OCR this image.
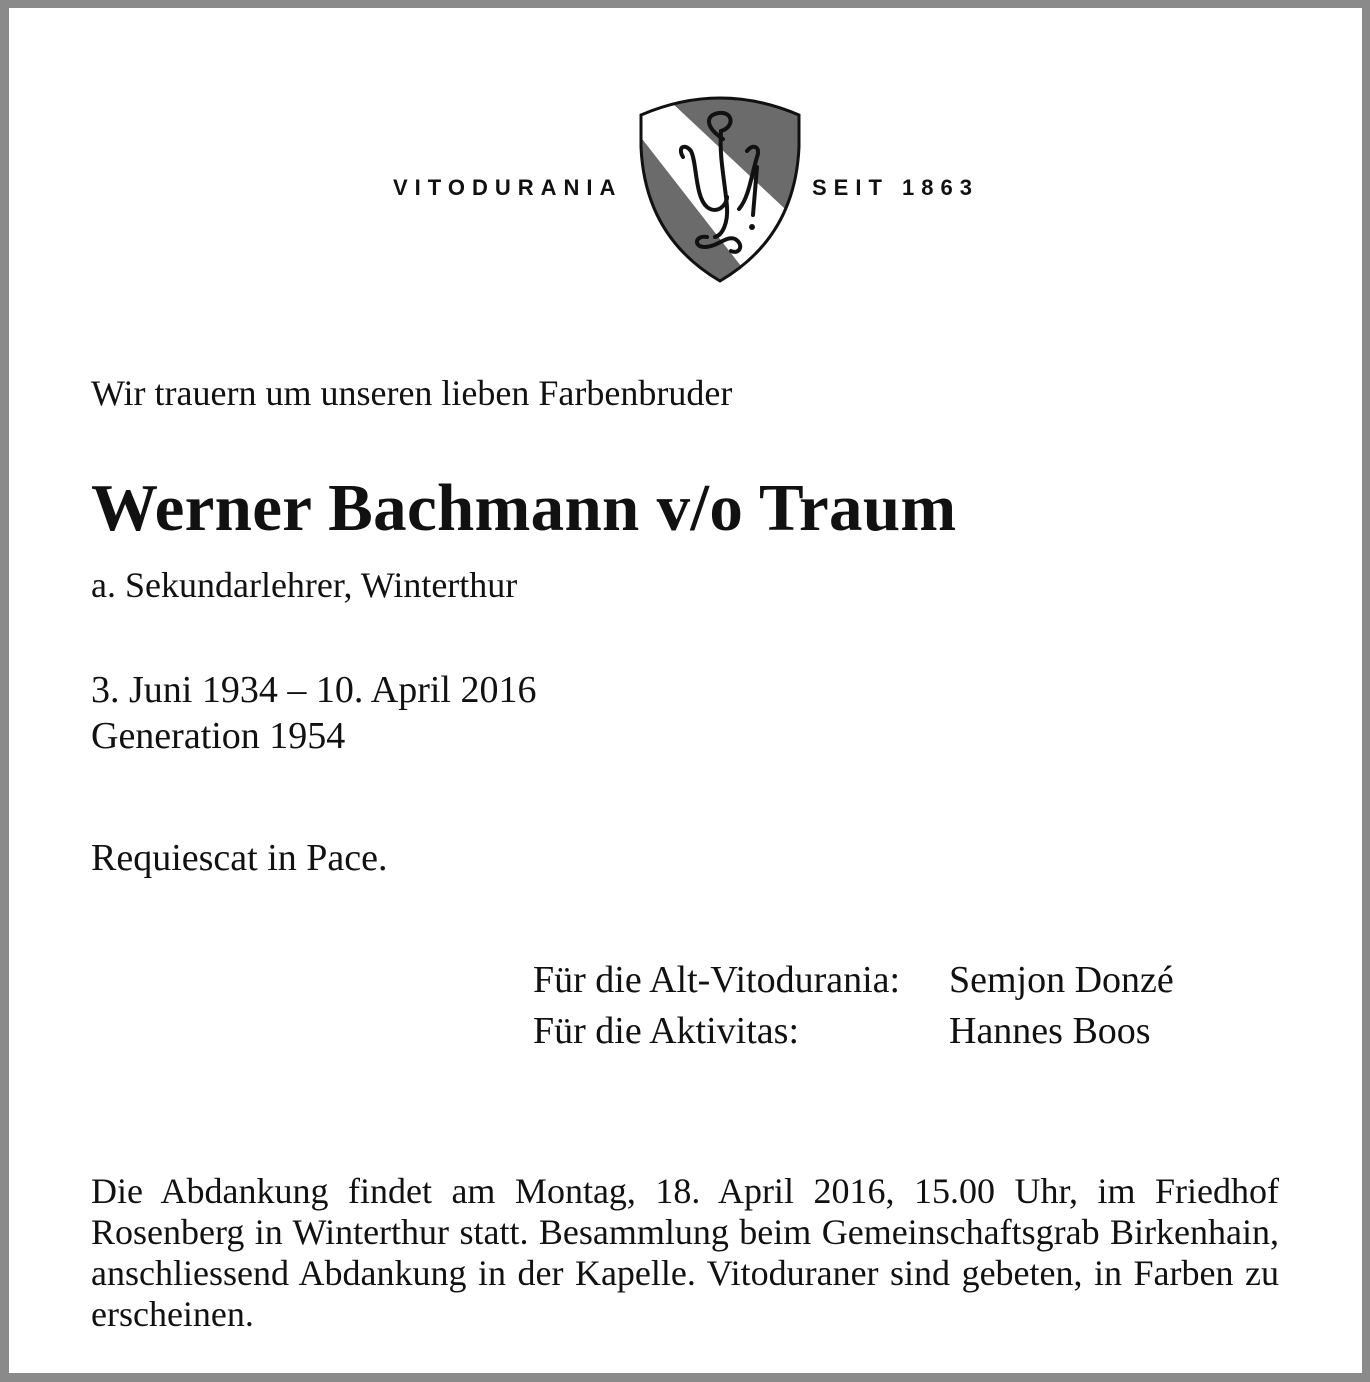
VITODURANIA	SEIT 1863
Wir trauern um unseren lieben Farbenbruder
Werner Bachmann v/o Traum
a. Sekundarlehrer, Winterthur
3. Juni 1934 – 10. April 2016
Generation 1954
Requiescat in Pace.
Für die Alt-Vitodurania: Semjon Donzé
Für die Aktivitas:	Hannes Boos
Die Abdankung findet am Montag, 18. April 2016, 15.00 Uhr, im Friedhof Rosenberg in Winterthur statt. Besammlung beim Gemeinschaftsgrab Birkenhain, anschliessend Abdankung in der Kapelle. Vitoduraner sind gebeten, in Farben zu erscheinen.
